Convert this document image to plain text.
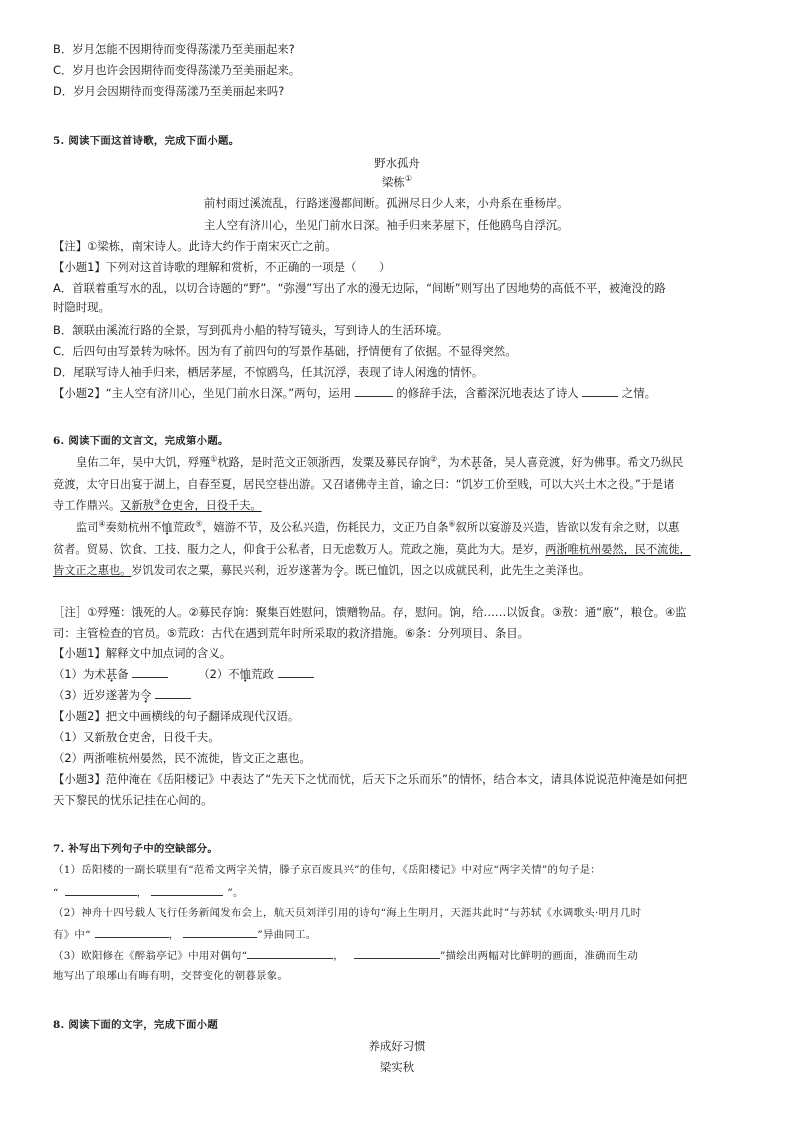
B．岁月怎能不因期待而变得荡漾乃至美丽起来?
C．岁月也许会因期待而变得荡漾乃至美丽起来。
D．岁月会因期待而变得荡漾乃至美丽起来吗?
5. 阅读下面这首诗歌，完成下面小题。
野水孤舟
梁栋①
前村雨过溪流乱，行路迷漫都间断。孤洲尽日少人来，小舟系在垂杨岸。
主人空有济川心，坐见门前水日深。袖手归来茅屋下，任他鸥鸟自浮沉。
【注】①梁栋，南宋诗人。此诗大约作于南宋灭亡之前。
【小题1】下列对这首诗歌的理解和赏析，不正确的一项是（　　）
A．首联着重写水的乱，以切合诗题的“野”。“弥漫”写出了水的漫无边际，“间断”则写出了因地势的高低不平，被淹没的路
时隐时现。
B．颔联由溪流行路的全景，写到孤舟小船的特写镜头，写到诗人的生活环境。
C．后四句由写景转为咏怀。因为有了前四句的写景作基础，抒情便有了依据。不显得突然。
D．尾联写诗人袖手归来，栖居茅屋，不惊鸥鸟，任其沉浮，表现了诗人闲逸的情怀。
【小题2】“主人空有济川心，坐见门前水日深。”两句，运用	的修辞手法，含蓄深沉地表达了诗人	之情。
6. 阅读下面的文言文，完成第小题。
皇佑二年，吴中大饥，殍殣①枕路，是时范文正领浙西，发粟及募民存饷②，为术甚备，吴人喜竞渡，好为佛事。希文乃纵民
竞渡，太守日出宴于湖上，自春至夏，居民空巷出游。又召诸佛寺主首，谕之曰：“饥岁工价至贱，可以大兴土木之役。”于是诸
寺工作鼎兴。又新敖③仓吏舍，日役千夫。
监司④奏劾杭州不恤荒政⑤，嬉游不节，及公私兴造，伤耗民力，文正乃自条⑥叙所以宴游及兴造，皆欲以发有余之财，以惠
贫者。贸易、饮食、工技、服力之人，仰食于公私者，日无虑数万人。荒政之施，莫此为大。是岁，两浙唯杭州晏然，民不流徙，
皆文正之惠也。岁饥发司农之粟，募民兴利，近岁遂著为令。既已恤饥，因之以成就民利，此先生之美泽也。
［注］①殍殣：饿死的人。②募民存饷：聚集百姓慰问，馈赠物品。存，慰问。饷，给……以饭食。③敖：通“廒”，粮仓。④监
司：主管检查的官员。⑤荒政：古代在遇到荒年时所采取的救济措施。⑥条：分列项目、条目。
【小题1】解释文中加点词的含义。
（1）为术甚备	（2）不恤荒政
（3）近岁遂著为令
【小题2】把文中画横线的句子翻译成现代汉语。
（1）又新敖仓吏舍，日役千夫。
（2）两浙唯杭州晏然，民不流徙，皆文正之惠也。
【小题3】范仲淹在《岳阳楼记》中表达了“先天下之忧而忧，后天下之乐而乐”的情怀，结合本文，请具体说说范仲淹是如何把
天下黎民的忧乐记挂在心间的。
7. 补写出下列句子中的空缺部分。
（1）岳阳楼的一副长联里有“范希文两字关情，滕子京百废具兴”的佳句，《岳阳楼记》中对应“两字关情”的句子是：
“	，	”。
（2）神舟十四号载人飞行任务新闻发布会上，航天员刘洋引用的诗句“海上生明月，天涯共此时”与苏轼《水调歌头·明月几时
有》中“	，	”异曲同工。
（3）欧阳修在《醉翁亭记》中用对偶句“	，	”描绘出两幅对比鲜明的画面，准确而生动
地写出了琅琊山有晦有明，交替变化的朝暮景象。
8. 阅读下面的文字，完成下面小题
养成好习惯
梁实秋
